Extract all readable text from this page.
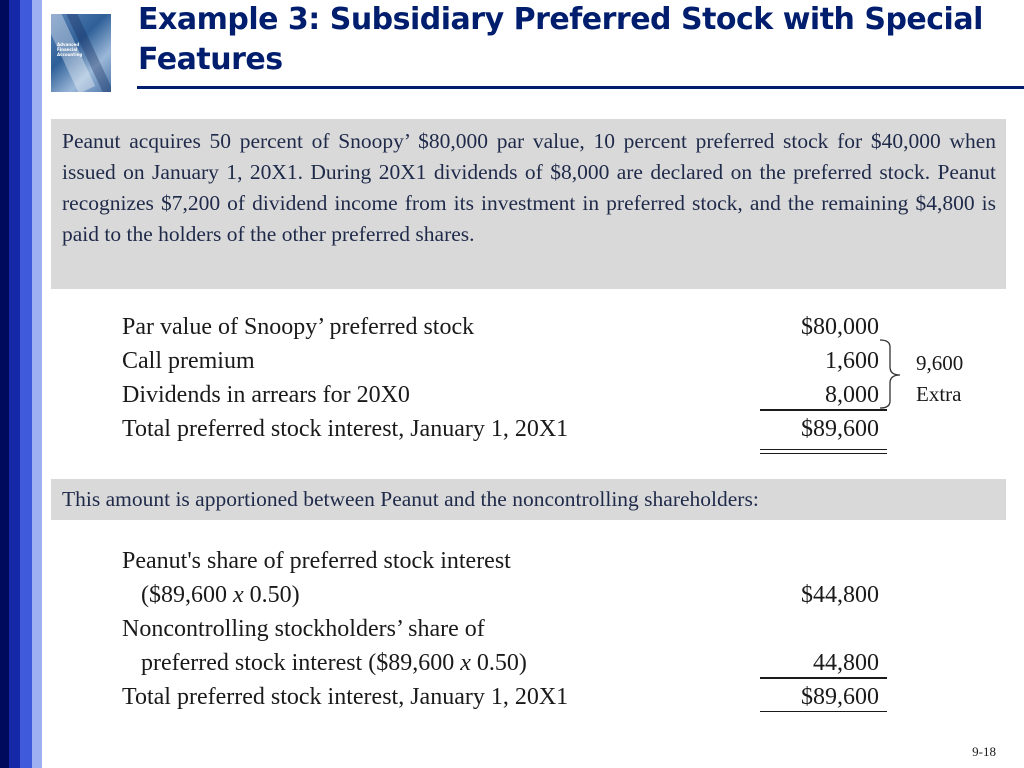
Advanced Financial Accounting
Example 3: Subsidiary Preferred Stock with Special Features
Peanut acquires 50 percent of Snoopy’ $80,000 par value, 10 percent preferred stock for $40,000 when issued on January 1, 20X1. During 20X1 dividends of $8,000 are declared on the preferred stock. Peanut recognizes $7,200 of dividend income from its investment in preferred stock, and the remaining $4,800 is paid to the holders of the other preferred shares.
Par value of Snoopy’ preferred stock	$80,000
Call premium	1,600
Dividends in arrears for 20X0	8,000
Total preferred stock interest, January 1, 20X1	$89,600
9,600
Extra
This amount is apportioned between Peanut and the noncontrolling shareholders:
Peanut's share of preferred stock interest
($89,600 x 0.50)	$44,800
Noncontrolling stockholders’ share of
preferred stock interest ($89,600 x 0.50)	44,800
Total preferred stock interest, January 1, 20X1	$89,600
9-18
